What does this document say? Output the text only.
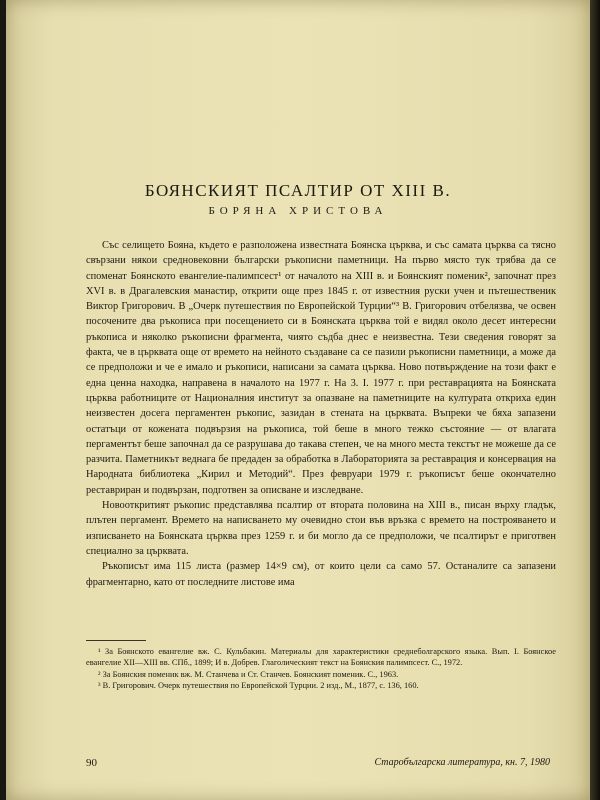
БОЯНСКИЯТ ПСАЛТИР ОТ XIII В.
БОРЯНА ХРИСТОВА

Със селището Бояна, където е разположена известната Боянска църква, и със самата църква са тясно свързани някои средновековни български ръкописни паметници. На първо място тук трябва да се споменат Боянското евангелие-палимпсест¹ от началото на XIII в. и Боянският поменик², започнат през XVI в. в Драгалевския манастир, открити още през 1845 г. от известния руски учен и пътешественик Виктор Григорович. В „Очерк путешествия по Европейской Турции“³ В. Григорович отбелязва, че освен посочените два ръкописа при посещението си в Боянската църква той е видял около десет интересни ръкописа и няколко ръкописни фрагмента, чиято съдба днес е неизвестна. Тези сведения говорят за факта, че в църквата още от времето на нейното създаване са се пазили ръкописни паметници, а може да се предположи и че е имало и ръкописи, написани за самата църква. Ново потвърждение на този факт е една ценна находка, направена в началото на 1977 г. На 3. I. 1977 г. при реставрацията на Боянската църква работниците от Националния институт за опазване на паметниците на културата откриха един неизвестен досега пергаментен ръкопис, зазидан в стената на църквата. Въпреки че бяха запазени остатъци от кожената подвързия на ръкописа, той беше в много тежко състояние — от влагата пергаментът беше започнал да се разрушава до такава степен, че на много места текстът не можеше да се разчита. Паметникът веднага бе предаден за обработка в Лабораторията за реставрация и консервация на Народната библиотека „Кирил и Методий“. През февруари 1979 г. ръкописът беше окончателно реставриран и подвързан, подготвен за описване и изследване.

Новооткритият ръкопис представлява псалтир от втората половина на XIII в., писан върху гладък, плътен пергамент. Времето на написването му очевидно стои във връзка с времето на построяването и изписването на Боянската църква през 1259 г. и би могло да се предположи, че псалтирът е приготвен специално за църквата.

Ръкописът има 115 листа (размер 14×9 см), от които цели са само 57. Останалите са запазени фрагментарно, като от последните листове има

¹ За Боянското евангелие вж. С. Кульбакин. Материалы для характеристики среднеболгарского языка. Вып. I. Боянское евангелие XII—XIII вв. СПб., 1899; И в. Добрев. Глаголическият текст на Боянския палимпсест. С., 1972.

² За Боянския поменик вж. М. Станчева и Ст. Станчев. Боянският поменик. С., 1963.

³ В. Григорович. Очерк путешествия по Европейской Турции. 2 изд., М., 1877, с. 136, 160.

90	Старобългарска литература, кн. 7, 1980
